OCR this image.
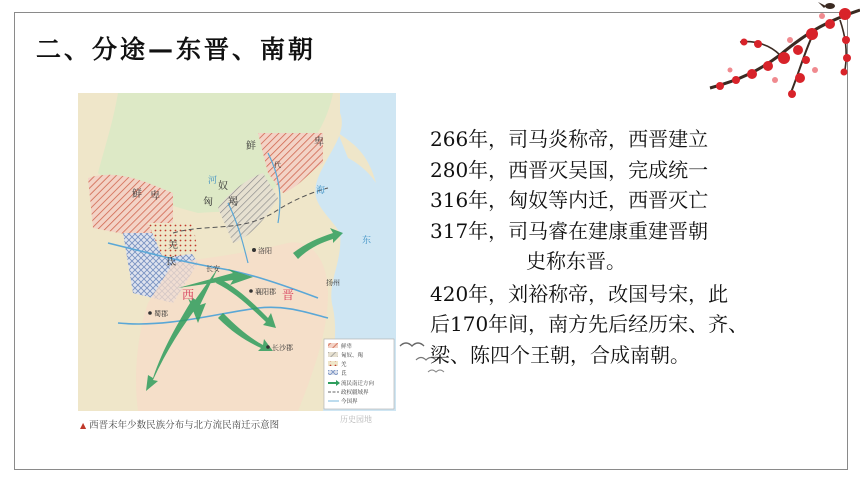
二、分途—东晋、南朝
鲜	卑
鲜 卑
匈
奴
羯
羌
氐
西	晋
洛阳
长安
襄阳郡
蜀郡
长沙郡
扬州
代
海
东
河
鲜卑
匈奴、羯
羌
氐
流民南迁方向
政权疆域界
今国界
▲ 西晋末年少数民族分布与北方流民南迁示意图
历史园地
266年，司马炎称帝，西晋建立
280年，西晋灭吴国，完成统一
316年，匈奴等内迁，西晋灭亡
317年，司马睿在建康重建晋朝
史称东晋。
420年，刘裕称帝，改国号宋，此
后170年间，南方先后经历宋、齐、
梁、陈四个王朝，合成南朝。
